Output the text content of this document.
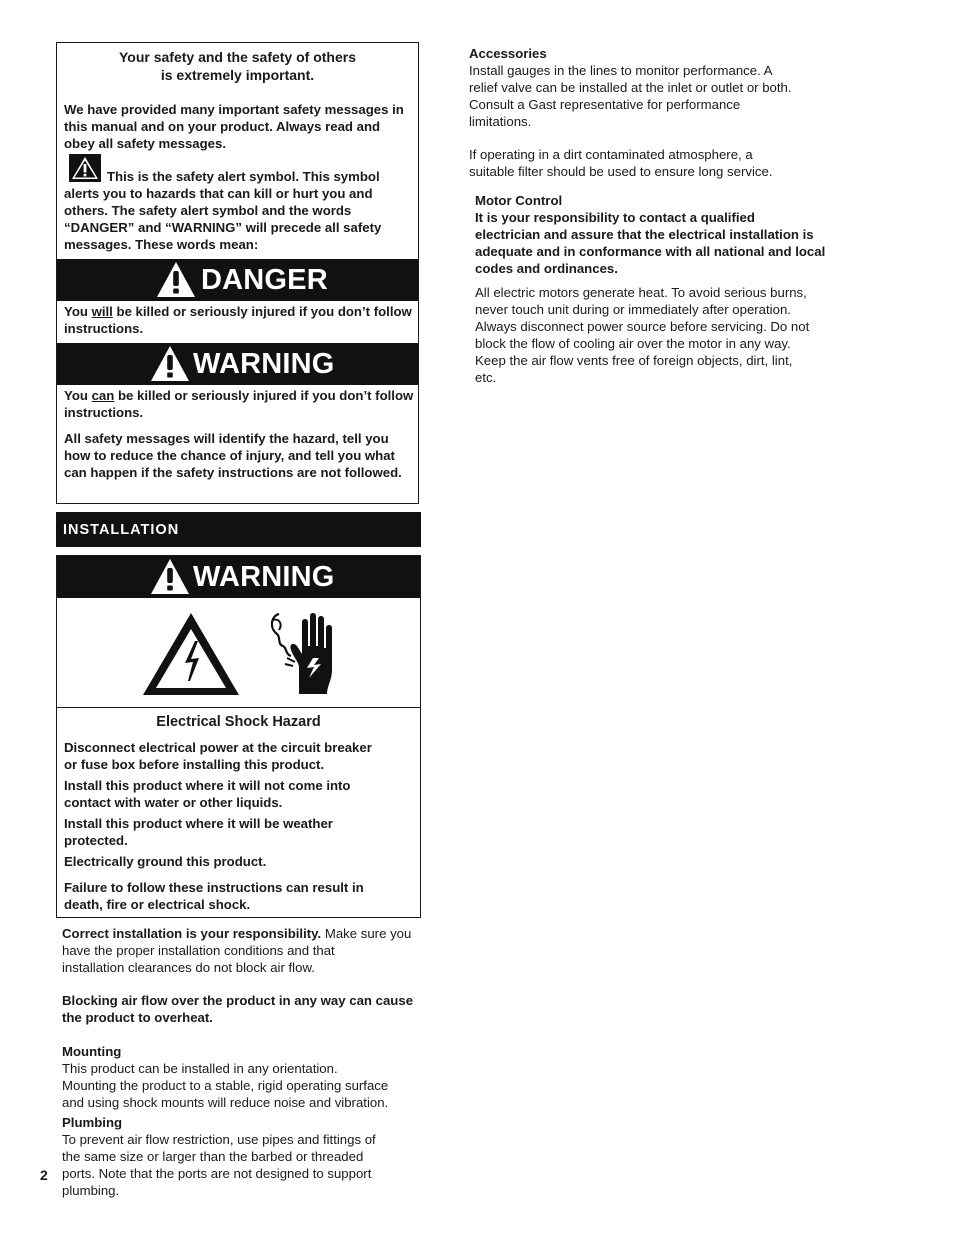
Your safety and the safety of others
is extremely important.
We have provided many important safety messages in
this manual and on your product. Always read and
obey all safety messages.
This is the safety alert symbol. This symbol
alerts you to hazards that can kill or hurt you and
others. The safety alert symbol and the words
“DANGER” and “WARNING” will precede all safety
messages. These words mean:
DANGER
You will be killed or seriously injured if you don’t follow
instructions.
WARNING
You can be killed or seriously injured if you don’t follow
instructions.
All safety messages will identify the hazard, tell you
how to reduce the chance of injury, and tell you what
can happen if the safety instructions are not followed.
INSTALLATION
WARNING
Electrical Shock Hazard
Disconnect electrical power at the circuit breaker
or fuse box before installing this product.
Install this product where it will not come into
contact with water or other liquids.
Install this product where it will be weather
protected.
Electrically ground this product.
Failure to follow these instructions can result in
death, fire or electrical shock.
Correct installation is your responsibility. Make sure you
have the proper installation conditions and that
installation clearances do not block air flow.
Blocking air flow over the product in any way can cause
the product to overheat.
Mounting
This product can be installed in any orientation.
Mounting the product to a stable, rigid operating surface
and using shock mounts will reduce noise and vibration.
Plumbing
To prevent air flow restriction, use pipes and fittings of
the same size or larger than the barbed or threaded
ports. Note that the ports are not designed to support
plumbing.
2
Accessories
Install gauges in the lines to monitor performance. A
relief valve can be installed at the inlet or outlet or both.
Consult a Gast representative for performance
limitations.
If operating in a dirt contaminated atmosphere, a
suitable filter should be used to ensure long service.
Motor Control
It is your responsibility to contact a qualified
electrician and assure that the electrical installation is
adequate and in conformance with all national and local
codes and ordinances.
All electric motors generate heat. To avoid serious burns,
never touch unit during or immediately after operation.
Always disconnect power source before servicing. Do not
block the flow of cooling air over the motor in any way.
Keep the air flow vents free of foreign objects, dirt, lint,
etc.
